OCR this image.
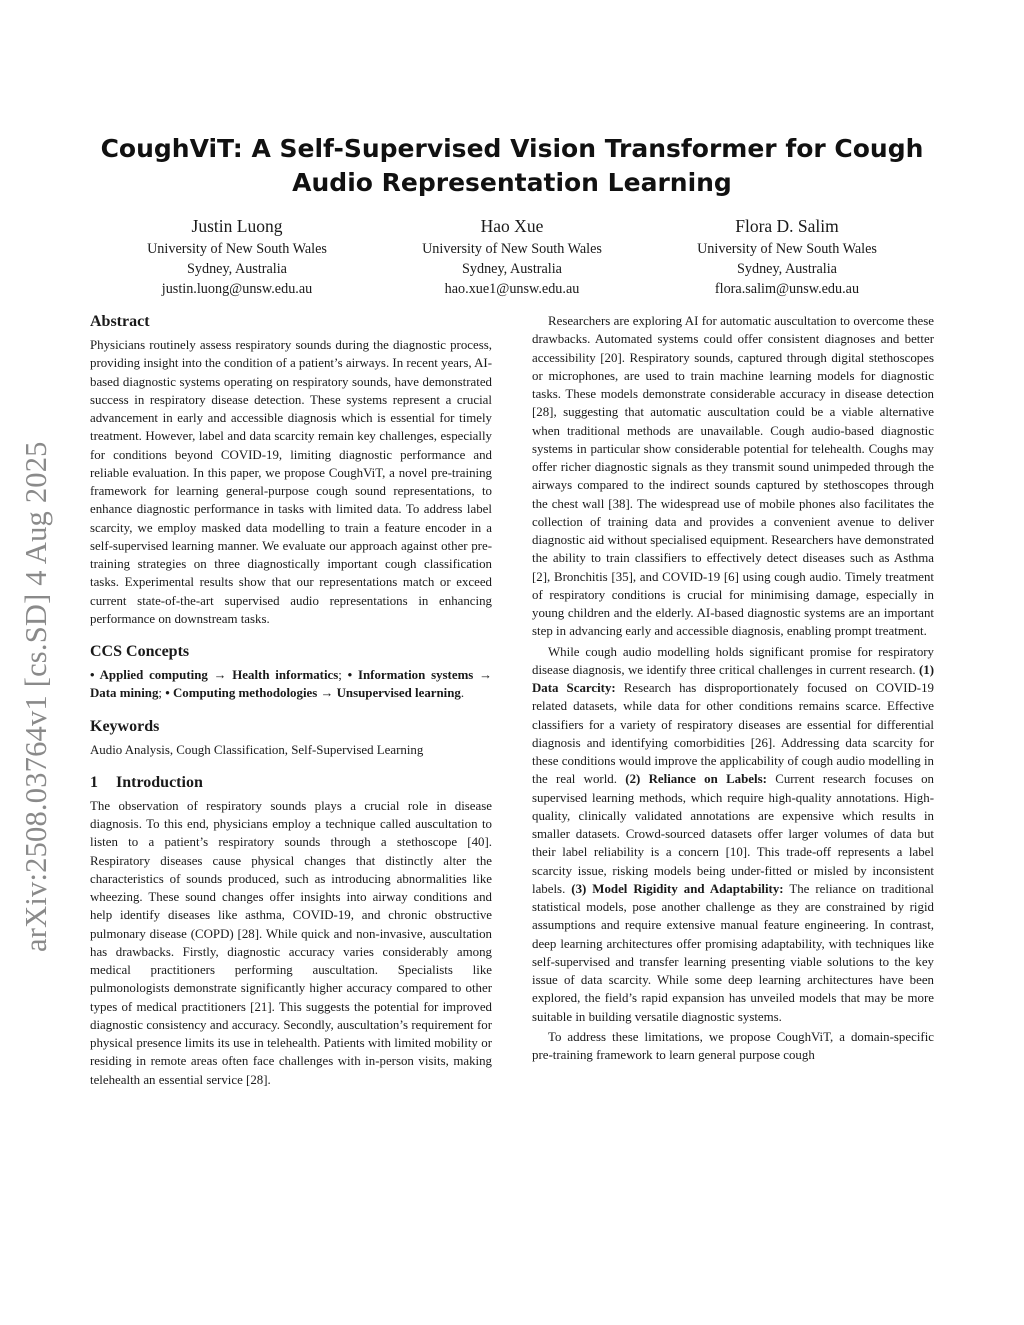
arXiv:2508.03764v1 [cs.SD] 4 Aug 2025
CoughViT: A Self-Supervised Vision Transformer for Cough Audio Representation Learning
Justin Luong
University of New South Wales
Sydney, Australia
justin.luong@unsw.edu.au
Hao Xue
University of New South Wales
Sydney, Australia
hao.xue1@unsw.edu.au
Flora D. Salim
University of New South Wales
Sydney, Australia
flora.salim@unsw.edu.au
Abstract

Physicians routinely assess respiratory sounds during the diagnostic process, providing insight into the condition of a patient’s airways. In recent years, AI-based diagnostic systems operating on respiratory sounds, have demonstrated success in respiratory disease detection. These systems represent a crucial advancement in early and accessible diagnosis which is essential for timely treatment. However, label and data scarcity remain key challenges, especially for conditions beyond COVID-19, limiting diagnostic performance and reliable evaluation. In this paper, we propose CoughViT, a novel pre-training framework for learning general-purpose cough sound representations, to enhance diagnostic performance in tasks with limited data. To address label scarcity, we employ masked data modelling to train a feature encoder in a self-supervised learning manner. We evaluate our approach against other pre-training strategies on three diagnostically important cough classification tasks. Experimental results show that our representations match or exceed current state-of-the-art supervised audio representations in enhancing performance on downstream tasks.

CCS Concepts

• Applied computing → Health informatics; • Information systems → Data mining; • Computing methodologies → Unsupervised learning.

Keywords

Audio Analysis, Cough Classification, Self-Supervised Learning

1 Introduction

The observation of respiratory sounds plays a crucial role in disease diagnosis. To this end, physicians employ a technique called auscultation to listen to a patient’s respiratory sounds through a stethoscope [40]. Respiratory diseases cause physical changes that distinctly alter the characteristics of sounds produced, such as introducing abnormalities like wheezing. These sound changes offer insights into airway conditions and help identify diseases like asthma, COVID-19, and chronic obstructive pulmonary disease (COPD) [28]. While quick and non-invasive, auscultation has drawbacks. Firstly, diagnostic accuracy varies considerably among medical practitioners performing auscultation. Specialists like pulmonologists demonstrate significantly higher accuracy compared to other types of medical practitioners [21]. This suggests the potential for improved diagnostic consistency and accuracy. Secondly, auscultation’s requirement for physical presence limits its use in telehealth. Patients with limited mobility or residing in remote areas often face challenges with in-person visits, making telehealth an essential service [28].

Researchers are exploring AI for automatic auscultation to overcome these drawbacks. Automated systems could offer consistent diagnoses and better accessibility [20]. Respiratory sounds, captured through digital stethoscopes or microphones, are used to train machine learning models for diagnostic tasks. These models demonstrate considerable accuracy in disease detection [28], suggesting that automatic auscultation could be a viable alternative when traditional methods are unavailable. Cough audio-based diagnostic systems in particular show considerable potential for telehealth. Coughs may offer richer diagnostic signals as they transmit sound unimpeded through the airways compared to the indirect sounds captured by stethoscopes through the chest wall [38]. The widespread use of mobile phones also facilitates the collection of training data and provides a convenient avenue to deliver diagnostic aid without specialised equipment. Researchers have demonstrated the ability to train classifiers to effectively detect diseases such as Asthma [2], Bronchitis [35], and COVID-19 [6] using cough audio. Timely treatment of respiratory conditions is crucial for minimising damage, especially in young children and the elderly. AI-based diagnostic systems are an important step in advancing early and accessible diagnosis, enabling prompt treatment.

While cough audio modelling holds significant promise for respiratory disease diagnosis, we identify three critical challenges in current research. (1) Data Scarcity: Research has disproportionately focused on COVID-19 related datasets, while data for other conditions remains scarce. Effective classifiers for a variety of respiratory diseases are essential for differential diagnosis and identifying comorbidities [26]. Addressing data scarcity for these conditions would improve the applicability of cough audio modelling in the real world. (2) Reliance on Labels: Current research focuses on supervised learning methods, which require high-quality annotations. High-quality, clinically validated annotations are expensive which results in smaller datasets. Crowd-sourced datasets offer larger volumes of data but their label reliability is a concern [10]. This trade-off represents a label scarcity issue, risking models being under-fitted or misled by inconsistent labels. (3) Model Rigidity and Adaptability: The reliance on traditional statistical models, pose another challenge as they are constrained by rigid assumptions and require extensive manual feature engineering. In contrast, deep learning architectures offer promising adaptability, with techniques like self-supervised and transfer learning presenting viable solutions to the key issue of data scarcity. While some deep learning architectures have been explored, the field’s rapid expansion has unveiled models that may be more suitable in building versatile diagnostic systems.

To address these limitations, we propose CoughViT, a domain-specific pre-training framework to learn general purpose cough
